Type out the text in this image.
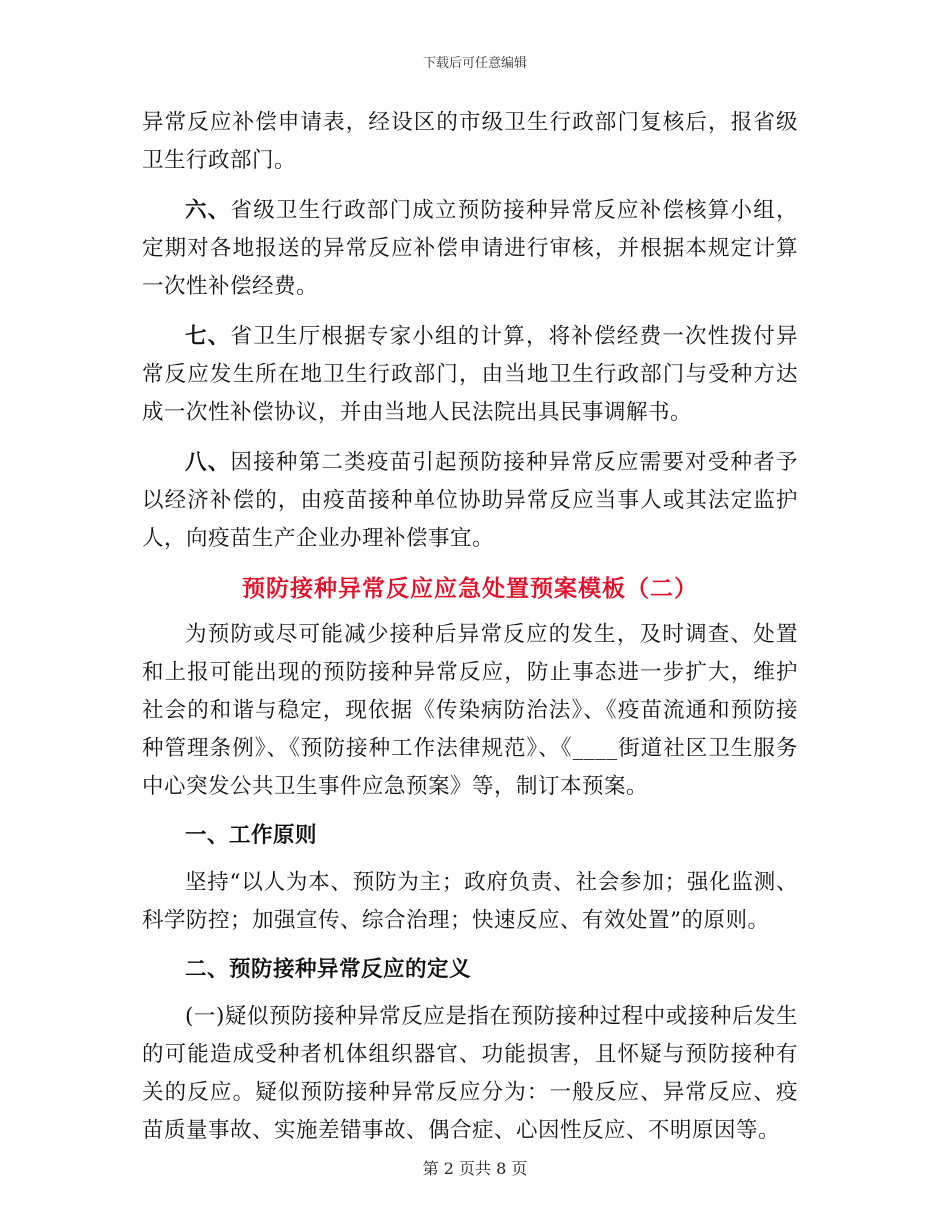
下载后可任意编辑

异常反应补偿申请表，经设区的市级卫生行政部门复核后，报省级卫生行政部门。

六、省级卫生行政部门成立预防接种异常反应补偿核算小组，定期对各地报送的异常反应补偿申请进行审核，并根据本规定计算一次性补偿经费。

七、省卫生厅根据专家小组的计算，将补偿经费一次性拨付异常反应发生所在地卫生行政部门，由当地卫生行政部门与受种方达成一次性补偿协议，并由当地人民法院出具民事调解书。

八、因接种第二类疫苗引起预防接种异常反应需要对受种者予以经济补偿的，由疫苗接种单位协助异常反应当事人或其法定监护人，向疫苗生产企业办理补偿事宜。

预防接种异常反应应急处置预案模板（二）

为预防或尽可能减少接种后异常反应的发生，及时调查、处置和上报可能出现的预防接种异常反应，防止事态进一步扩大，维护社会的和谐与稳定，现依据《传染病防治法》、《疫苗流通和预防接种管理条例》、《预防接种工作法律规范》、《____街道社区卫生服务中心突发公共卫生事件应急预案》等，制订本预案。

一、工作原则

坚持“以人为本、预防为主；政府负责、社会参加；强化监测、科学防控；加强宣传、综合治理；快速反应、有效处置”的原则。

二、预防接种异常反应的定义

(一)疑似预防接种异常反应是指在预防接种过程中或接种后发生的可能造成受种者机体组织器官、功能损害，且怀疑与预防接种有关的反应。疑似预防接种异常反应分为：一般反应、异常反应、疫苗质量事故、实施差错事故、偶合症、心因性反应、不明原因等。

第 2 页共 8 页
